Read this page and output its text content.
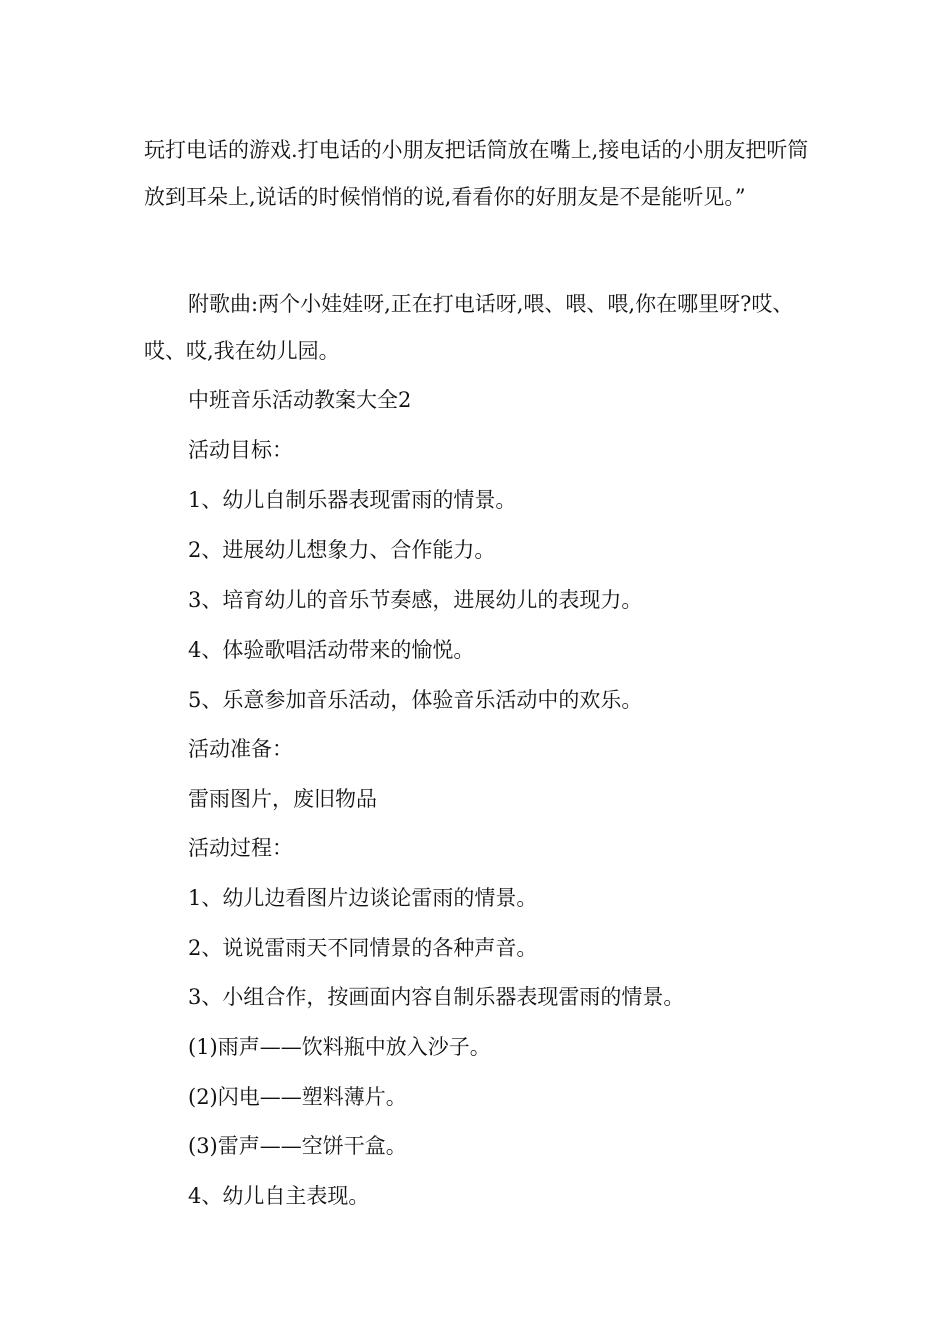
玩打电话的游戏.打电话的小朋友把话筒放在嘴上,接电话的小朋友把听筒放到耳朵上,说话的时候悄悄的说,看看你的好朋友是不是能听见。”

附歌曲:两个小娃娃呀,正在打电话呀,喂、喂、喂,你在哪里呀?哎、哎、哎,我在幼儿园。

中班音乐活动教案大全2

活动目标：

1、幼儿自制乐器表现雷雨的情景。

2、进展幼儿想象力、合作能力。

3、培育幼儿的音乐节奏感，进展幼儿的表现力。

4、体验歌唱活动带来的愉悦。

5、乐意参加音乐活动，体验音乐活动中的欢乐。

活动准备：

雷雨图片，废旧物品

活动过程：

1、幼儿边看图片边谈论雷雨的情景。

2、说说雷雨天不同情景的各种声音。

3、小组合作，按画面内容自制乐器表现雷雨的情景。

(1)雨声——饮料瓶中放入沙子。

(2)闪电——塑料薄片。

(3)雷声——空饼干盒。

4、幼儿自主表现。
